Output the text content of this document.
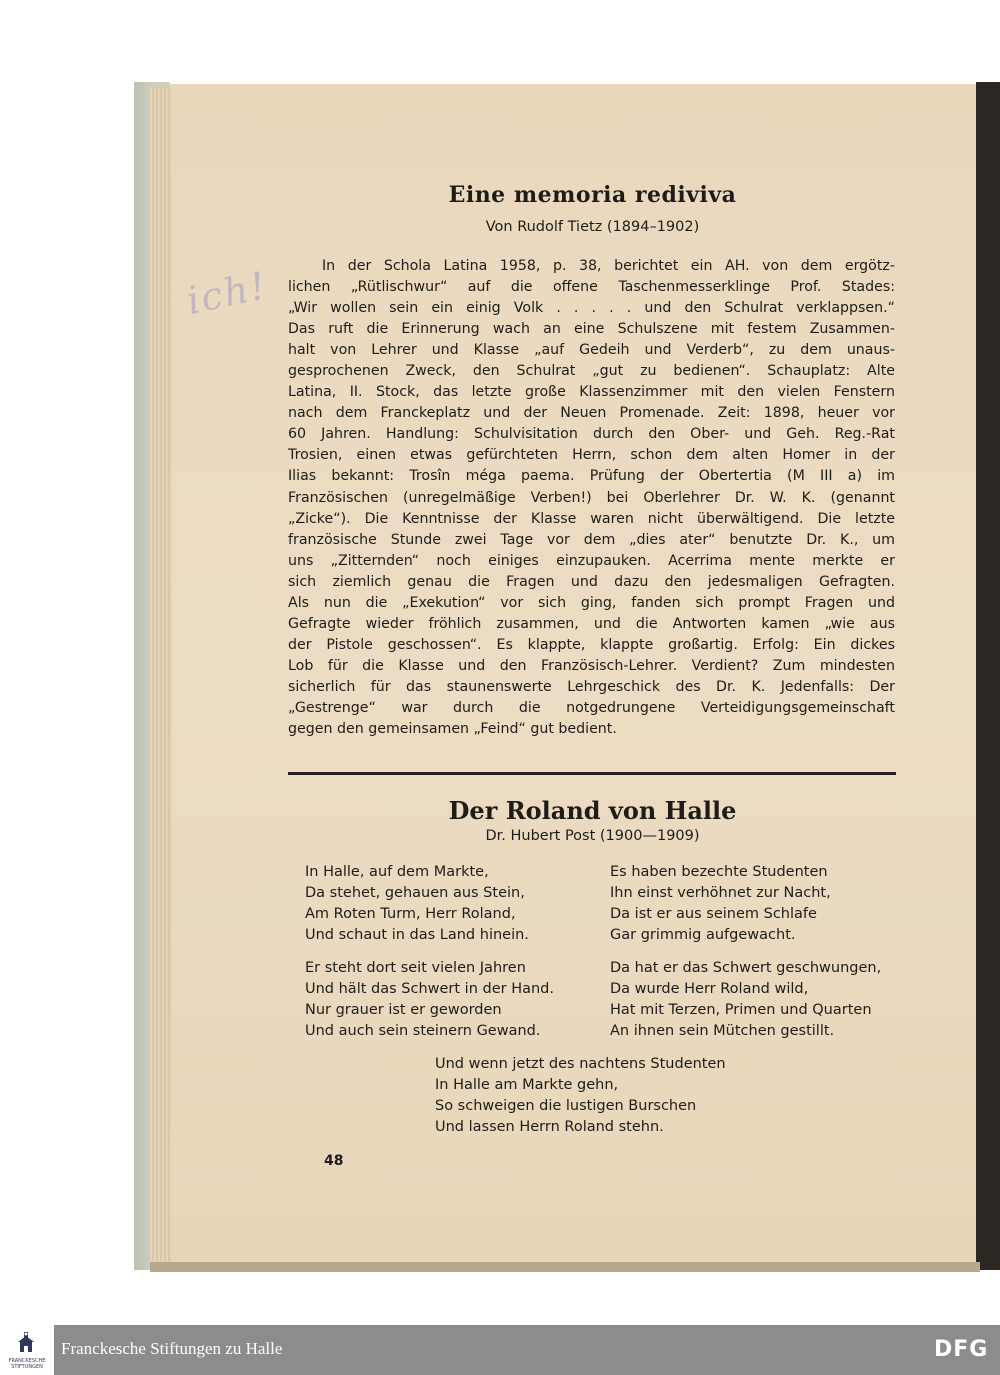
ich!
Eine memoria rediviva
Von Rudolf Tietz (1894–1902)
In der Schola Latina 1958, p. 38, berichtet ein AH. von dem ergötz-
lichen „Rütlischwur“ auf die offene Taschenmesserklinge Prof. Stades:
„Wir wollen sein ein einig Volk . . . . . und den Schulrat verklappsen.“
Das ruft die Erinnerung wach an eine Schulszene mit festem Zusammen-
halt von Lehrer und Klasse „auf Gedeih und Verderb“, zu dem unaus-
gesprochenen Zweck, den Schulrat „gut zu bedienen“. Schauplatz: Alte
Latina, II. Stock, das letzte große Klassenzimmer mit den vielen Fenstern
nach dem Franckeplatz und der Neuen Promenade. Zeit: 1898, heuer vor
60 Jahren. Handlung: Schulvisitation durch den Ober- und Geh. Reg.-Rat
Trosien, einen etwas gefürchteten Herrn, schon dem alten Homer in der
Ilias bekannt: Trosîn méga paema. Prüfung der Obertertia (M III a) im
Französischen (unregelmäßige Verben!) bei Oberlehrer Dr. W. K. (genannt
„Zicke“). Die Kenntnisse der Klasse waren nicht überwältigend. Die letzte
französische Stunde zwei Tage vor dem „dies ater“ benutzte Dr. K., um
uns „Zitternden“ noch einiges einzupauken. Acerrima mente merkte er
sich ziemlich genau die Fragen und dazu den jedesmaligen Gefragten.
Als nun die „Exekution“ vor sich ging, fanden sich prompt Fragen und
Gefragte wieder fröhlich zusammen, und die Antworten kamen „wie aus
der Pistole geschossen“. Es klappte, klappte großartig. Erfolg: Ein dickes
Lob für die Klasse und den Französisch-Lehrer. Verdient? Zum mindesten
sicherlich für das staunenswerte Lehrgeschick des Dr. K. Jedenfalls: Der
„Gestrenge“ war durch die notgedrungene Verteidigungsgemeinschaft
gegen den gemeinsamen „Feind“ gut bedient.
Der Roland von Halle
Dr. Hubert Post (1900—1909)
In Halle, auf dem Markte,
Da stehet, gehauen aus Stein,
Am Roten Turm, Herr Roland,
Und schaut in das Land hinein.
Es haben bezechte Studenten
Ihn einst verhöhnet zur Nacht,
Da ist er aus seinem Schlafe
Gar grimmig aufgewacht.
Er steht dort seit vielen Jahren
Und hält das Schwert in der Hand.
Nur grauer ist er geworden
Und auch sein steinern Gewand.
Da hat er das Schwert geschwungen,
Da wurde Herr Roland wild,
Hat mit Terzen, Primen und Quarten
An ihnen sein Mütchen gestillt.
Und wenn jetzt des nachtens Studenten
In Halle am Markte gehn,
So schweigen die lustigen Burschen
Und lassen Herrn Roland stehn.
48
FRANCKESCHE STIFTUNGEN
Franckesche Stiftungen zu Halle	DFG
